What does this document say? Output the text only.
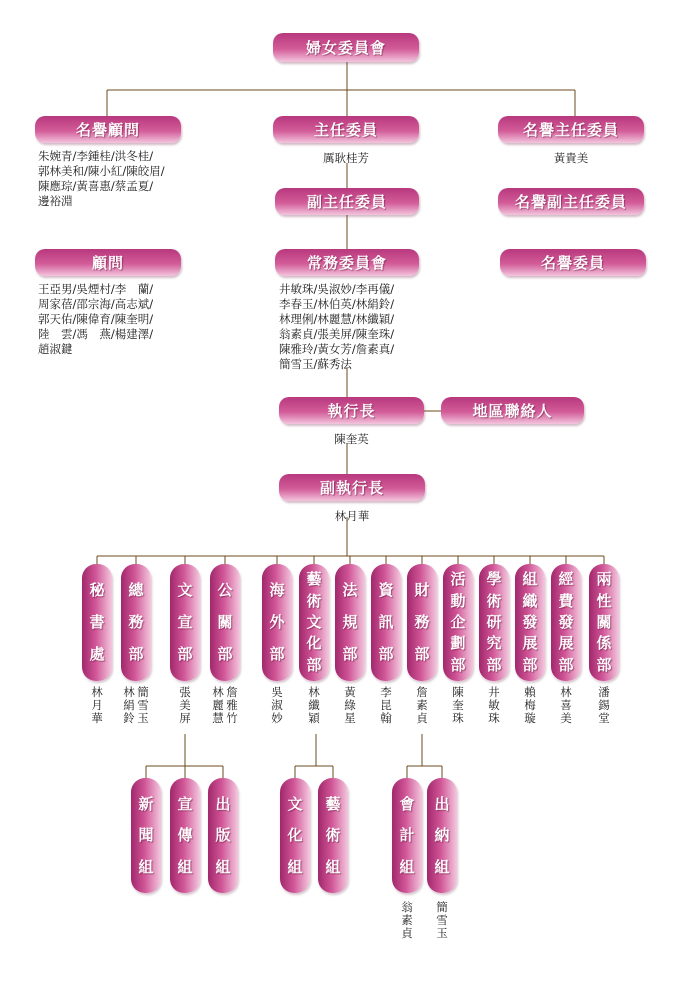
婦女委員會
名譽顧問
朱婉青/李鍾桂/洪冬桂/
郭林美和/陳小紅/陳皎眉/
陳應琮/黃喜惠/蔡孟夏/
邊裕淵
主任委員
厲耿桂芳
名譽主任委員
黃貴美
副主任委員	名譽副主任委員
顧問
王亞男/吳煙村/李　蘭/
周家蓓/邵宗海/高志斌/
郭天佑/陳偉育/陳奎明/
陸　雲/馮　燕/楊建澤/
趙淑鍵
常務委員會
井敏珠/吳淑妙/李再儀/
李春玉/林伯英/林絹鈴/
林理俐/林麗慧/林纖穎/
翁素貞/張美屏/陳奎珠/
陳雅玲/黃女芳/詹素真/
簡雪玉/蘇秀法
名譽委員
執行長
陳奎英
地區聯絡人
副執行長
林月華
秘
書
處
林
月
華
總
務
部
林
絹
鈴
簡
雪
玉
文
宣
部
張
美
屏
公
關
部
林
麗
慧
詹
雅
竹
海
外
部
吳
淑
妙
藝
術
文
化
部
林
纖
穎
法
規
部
黃
綠
星
資
訊
部
李
昆
翰
財
務
部
詹
素
貞
活
動
企
劃
部
陳
奎
珠
學
術
研
究
部
井
敏
珠
組
織
發
展
部
賴
梅
璇
經
費
發
展
部
林
喜
美
兩
性
關
係
部
潘
錫
堂
新
聞
組
宣
傳
組
出
版
組
文
化
組
藝
術
組
會
計
組
翁
素
貞
出
納
組
簡
雪
玉
